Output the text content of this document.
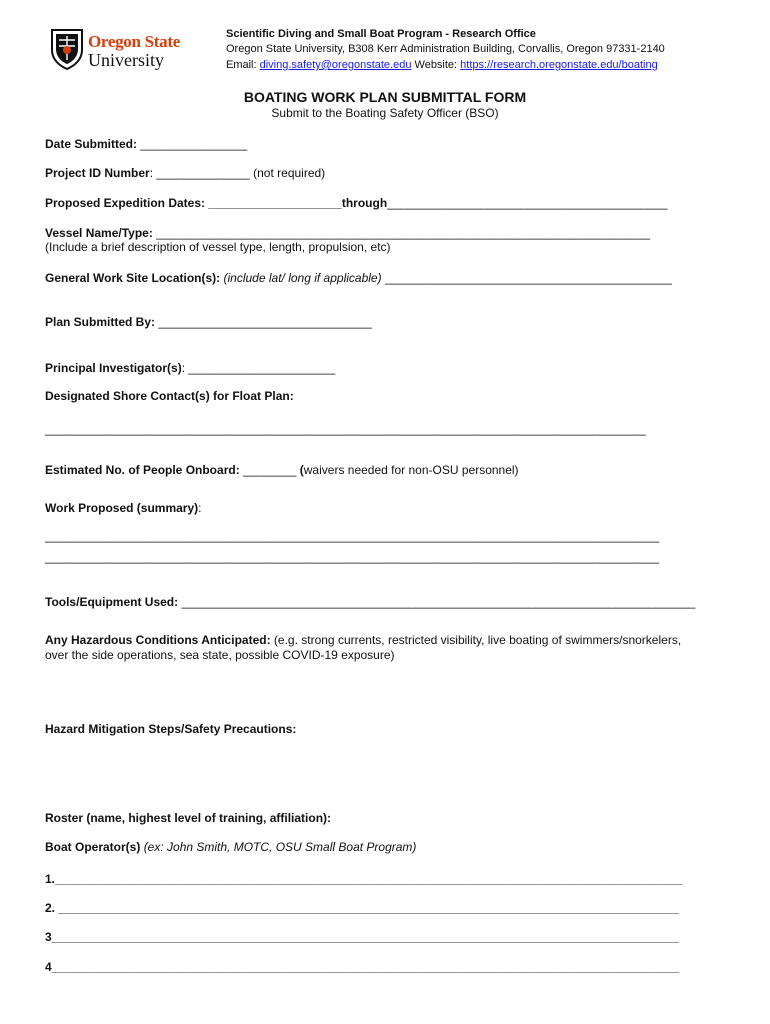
Oregon State
University
Scientific Diving and Small Boat Program - Research Office
Oregon State University, B308 Kerr Administration Building, Corvallis, Oregon 97331-2140
Email: diving.safety@oregonstate.edu Website: https://research.oregonstate.edu/boating
BOATING WORK PLAN SUBMITTAL FORM
Submit to the Boating Safety Officer (BSO)
Date Submitted: ________________
Project ID Number: ______________ (not required)
Proposed Expedition Dates: ____________________through__________________________________________
Vessel Name/Type: __________________________________________________________________________
(Include a brief description of vessel type, length, propulsion, etc)
General Work Site Location(s): (include lat/ long if applicable) ___________________________________________
Plan Submitted By: ________________________________
Principal Investigator(s): ______________________
Designated Shore Contact(s) for Float Plan:
__________________________________________________________________________________________
Estimated No. of People Onboard: ________ (waivers needed for non-OSU personnel)
Work Proposed (summary):
____________________________________________________________________________________________
____________________________________________________________________________________________
Tools/Equipment Used: _____________________________________________________________________________
Any Hazardous Conditions Anticipated: (e.g. strong currents, restricted visibility, live boating of swimmers/snorkelers,
over the side operations, sea state, possible COVID-19 exposure)
Hazard Mitigation Steps/Safety Precautions:
Roster (name, highest level of training, affiliation):
Boat Operator(s) (ex: John Smith, MOTC, OSU Small Boat Program)
1.______________________________________________________________________________________________
2. _____________________________________________________________________________________________
3______________________________________________________________________________________________
4______________________________________________________________________________________________
